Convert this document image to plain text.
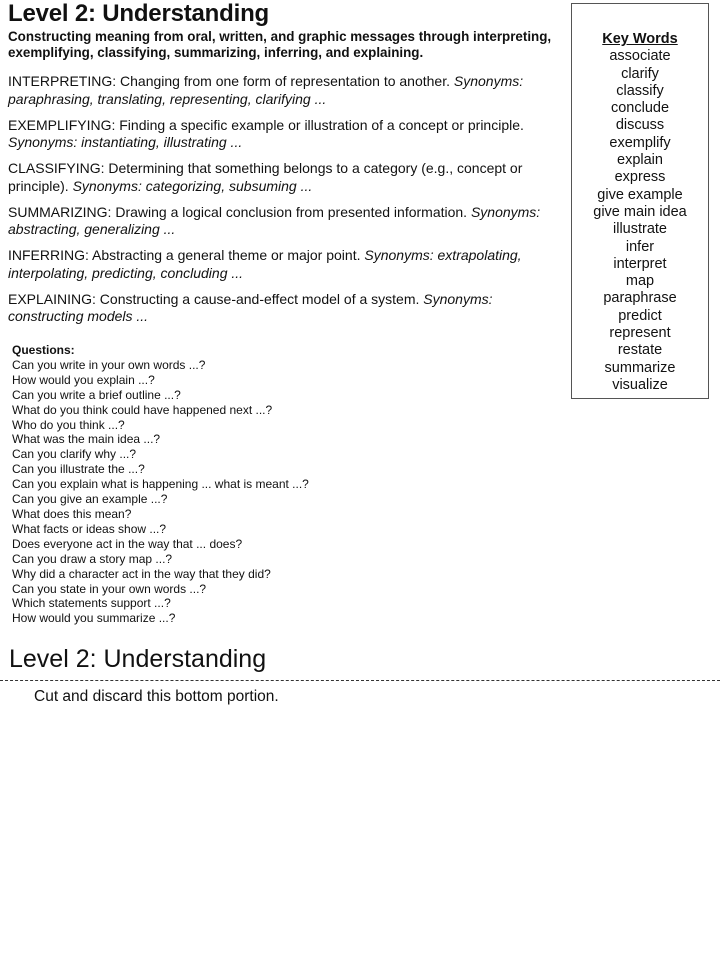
Level 2: Understanding

Constructing meaning from oral, written, and graphic messages through interpreting, exemplifying, classifying, summarizing, inferring, and explaining.

INTERPRETING: Changing from one form of representation to another. Synonyms: paraphrasing, translating, representing, clarifying ...

EXEMPLIFYING: Finding a specific example or illustration of a concept or principle. Synonyms: instantiating, illustrating ...

CLASSIFYING: Determining that something belongs to a category (e.g., concept or principle). Synonyms: categorizing, subsuming ...

SUMMARIZING: Drawing a logical conclusion from presented information. Synonyms: abstracting, generalizing ...

INFERRING: Abstracting a general theme or major point. Synonyms: extrapolating, interpolating, predicting, concluding ...

EXPLAINING: Constructing a cause-and-effect model of a system. Synonyms: constructing models ...

Questions:
Can you write in your own words ...?
How would you explain ...?
Can you write a brief outline ...?
What do you think could have happened next ...?
Who do you think ...?
What was the main idea ...?
Can you clarify why ...?
Can you illustrate the ...?
Can you explain what is happening ... what is meant ...?
Can you give an example ...?
What does this mean?
What facts or ideas show ...?
Does everyone act in the way that ... does?
Can you draw a story map ...?
Why did a character act in the way that they did?
Can you state in your own words ...?
Which statements support ...?
How would you summarize ...?
Key Words
associate
clarify
classify
conclude
discuss
exemplify
explain
express
give example
give main idea
illustrate
infer
interpret
map
paraphrase
predict
represent
restate
summarize
visualize
Level 2: Understanding
Cut and discard this bottom portion.
